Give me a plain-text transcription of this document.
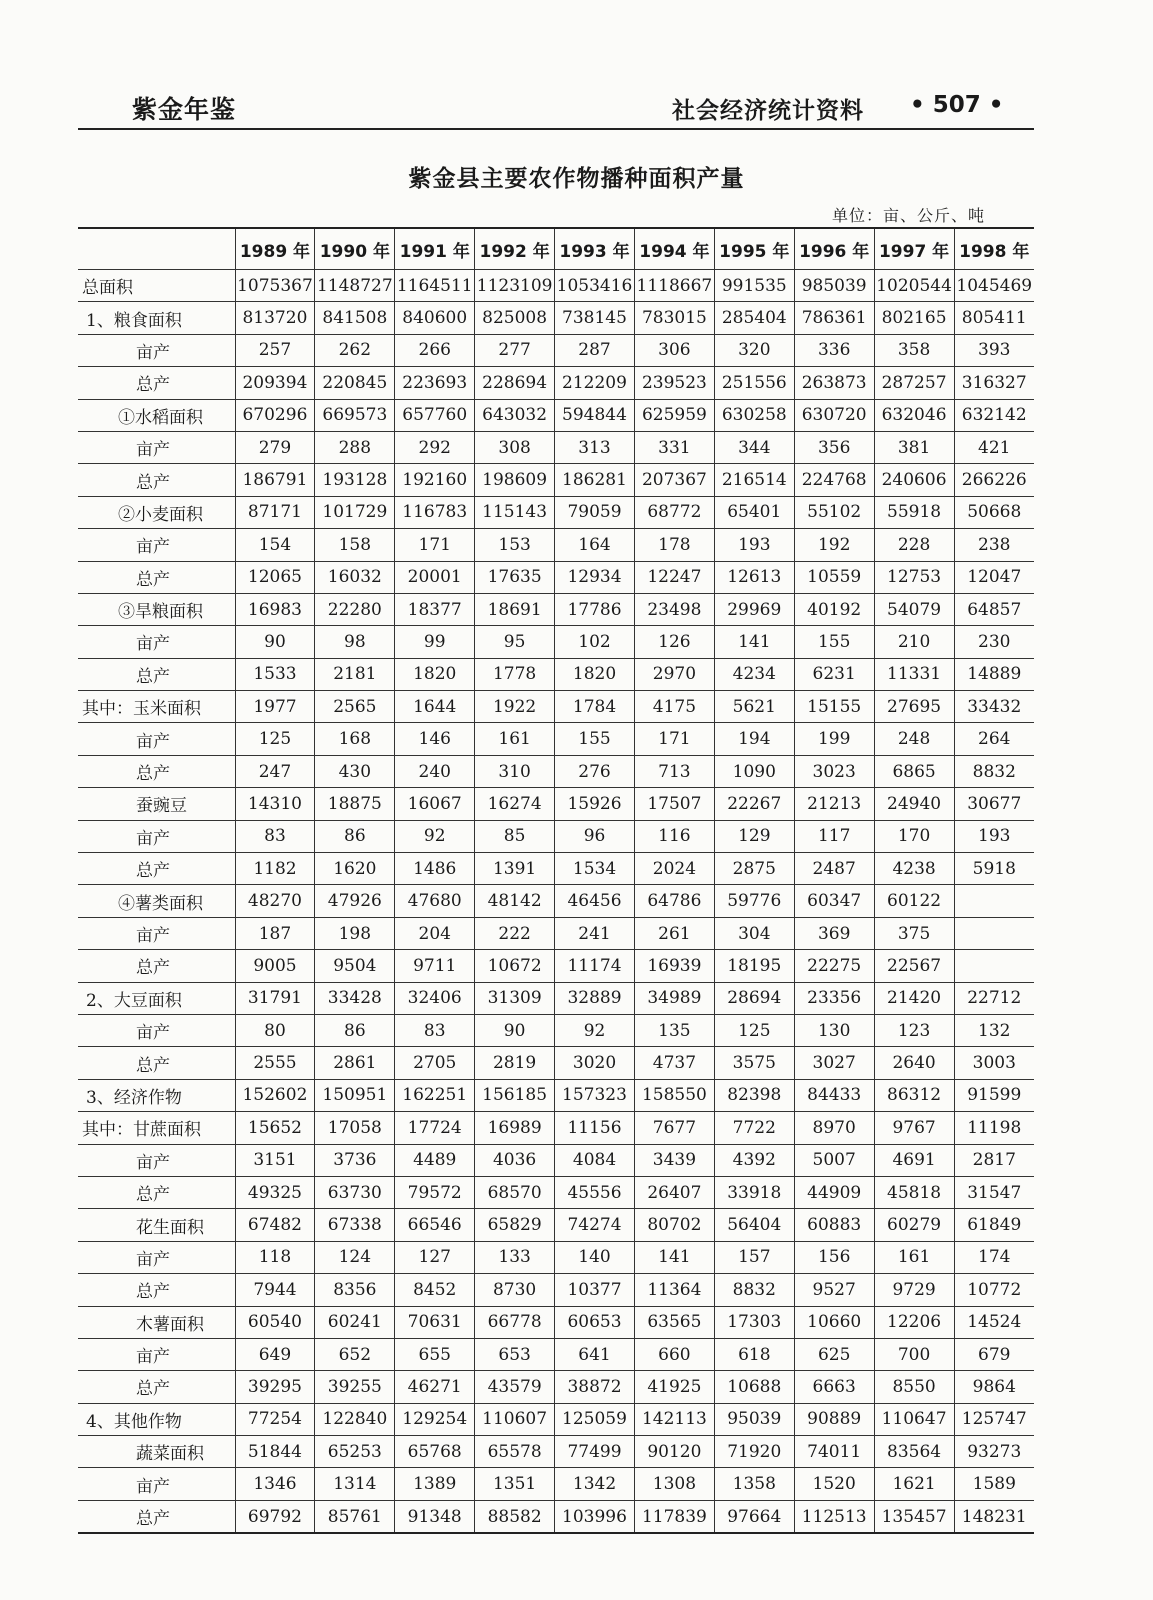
紫金年鉴	社会经济统计资料 • 507 •
紫金县主要农作物播种面积产量
单位：亩、公斤、吨
	1989 年	1990 年	1991 年	1992 年	1993 年	1994 年	1995 年	1996 年	1997 年	1998 年
总面积	1075367	1148727	1164511	1123109	1053416	1118667	991535	985039	1020544	1045469
1、粮食面积	813720	841508	840600	825008	738145	783015	285404	786361	802165	805411
亩产	257	262	266	277	287	306	320	336	358	393
总产	209394	220845	223693	228694	212209	239523	251556	263873	287257	316327
①水稻面积	670296	669573	657760	643032	594844	625959	630258	630720	632046	632142
亩产	279	288	292	308	313	331	344	356	381	421
总产	186791	193128	192160	198609	186281	207367	216514	224768	240606	266226
②小麦面积	87171	101729	116783	115143	79059	68772	65401	55102	55918	50668
亩产	154	158	171	153	164	178	193	192	228	238
总产	12065	16032	20001	17635	12934	12247	12613	10559	12753	12047
③旱粮面积	16983	22280	18377	18691	17786	23498	29969	40192	54079	64857
亩产	90	98	99	95	102	126	141	155	210	230
总产	1533	2181	1820	1778	1820	2970	4234	6231	11331	14889
其中：玉米面积	1977	2565	1644	1922	1784	4175	5621	15155	27695	33432
亩产	125	168	146	161	155	171	194	199	248	264
总产	247	430	240	310	276	713	1090	3023	6865	8832
蚕豌豆	14310	18875	16067	16274	15926	17507	22267	21213	24940	30677
亩产	83	86	92	85	96	116	129	117	170	193
总产	1182	1620	1486	1391	1534	2024	2875	2487	4238	5918
④薯类面积	48270	47926	47680	48142	46456	64786	59776	60347	60122	
亩产	187	198	204	222	241	261	304	369	375	
总产	9005	9504	9711	10672	11174	16939	18195	22275	22567	
2、大豆面积	31791	33428	32406	31309	32889	34989	28694	23356	21420	22712
亩产	80	86	83	90	92	135	125	130	123	132
总产	2555	2861	2705	2819	3020	4737	3575	3027	2640	3003
3、经济作物	152602	150951	162251	156185	157323	158550	82398	84433	86312	91599
其中：甘蔗面积	15652	17058	17724	16989	11156	7677	7722	8970	9767	11198
亩产	3151	3736	4489	4036	4084	3439	4392	5007	4691	2817
总产	49325	63730	79572	68570	45556	26407	33918	44909	45818	31547
花生面积	67482	67338	66546	65829	74274	80702	56404	60883	60279	61849
亩产	118	124	127	133	140	141	157	156	161	174
总产	7944	8356	8452	8730	10377	11364	8832	9527	9729	10772
木薯面积	60540	60241	70631	66778	60653	63565	17303	10660	12206	14524
亩产	649	652	655	653	641	660	618	625	700	679
总产	39295	39255	46271	43579	38872	41925	10688	6663	8550	9864
4、其他作物	77254	122840	129254	110607	125059	142113	95039	90889	110647	125747
蔬菜面积	51844	65253	65768	65578	77499	90120	71920	74011	83564	93273
亩产	1346	1314	1389	1351	1342	1308	1358	1520	1621	1589
总产	69792	85761	91348	88582	103996	117839	97664	112513	135457	148231
